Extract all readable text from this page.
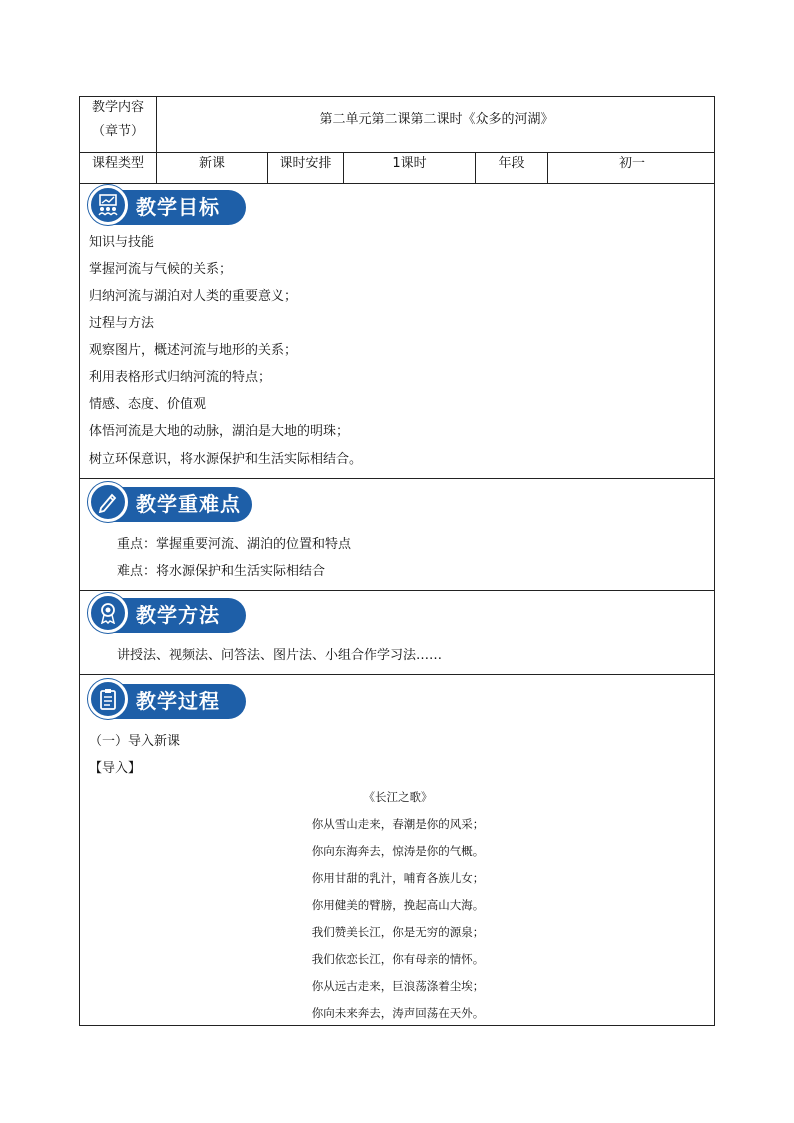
教学内容
（章节）
第二单元第二课第二课时《众多的河湖》
课程类型	新课	课时安排	1课时	年段	初一
教学目标
知识与技能
掌握河流与气候的关系；
归纳河流与湖泊对人类的重要意义；
过程与方法
观察图片，概述河流与地形的关系；
利用表格形式归纳河流的特点；
情感、态度、价值观
体悟河流是大地的动脉，湖泊是大地的明珠；
树立环保意识，将水源保护和生活实际相结合。
教学重难点
重点：掌握重要河流、湖泊的位置和特点
难点：将水源保护和生活实际相结合
教学方法
讲授法、视频法、问答法、图片法、小组合作学习法……
教学过程
（一）导入新课
【导入】
《长江之歌》
你从雪山走来，春潮是你的风采；
你向东海奔去，惊涛是你的气概。
你用甘甜的乳汁，哺育各族儿女；
你用健美的臂膀，挽起高山大海。
我们赞美长江，你是无穷的源泉；
我们依恋长江，你有母亲的情怀。
你从远古走来，巨浪荡涤着尘埃；
你向未来奔去，涛声回荡在天外。
